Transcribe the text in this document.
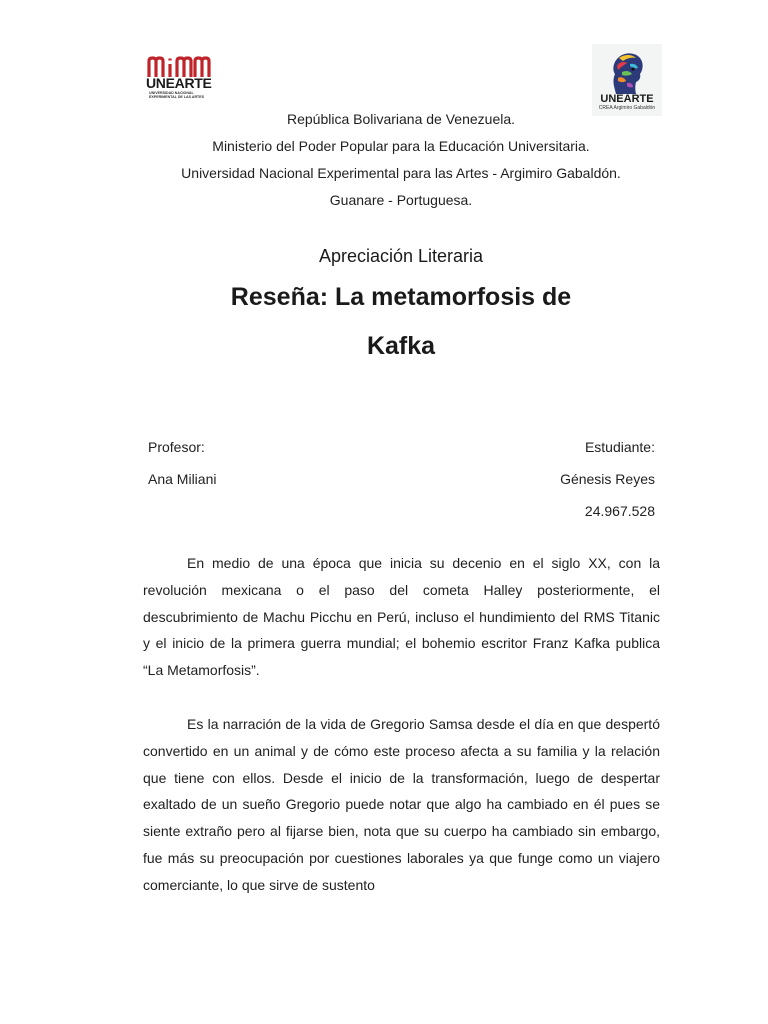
UNEARTE
UNIVERSIDAD NACIONAL EXPERIMENTAL DE LAS ARTES	UNEARTE
CREA Argimiro Gabaldón
República Bolivariana de Venezuela.
Ministerio del Poder Popular para la Educación Universitaria.
Universidad Nacional Experimental para las Artes - Argimiro Gabaldón.
Guanare - Portuguesa.
Apreciación Literaria
Reseña: La metamorfosis de
Kafka
Profesor:
Ana Miliani
Estudiante:
Génesis Reyes
24.967.528

En medio de una época que inicia su decenio en el siglo XX, con la revolución mexicana o el paso del cometa Halley posteriormente, el descubrimiento de Machu Picchu en Perú, incluso el hundimiento del RMS Titanic y el inicio de la primera guerra mundial; el bohemio escritor Franz Kafka publica “La Metamorfosis”.

Es la narración de la vida de Gregorio Samsa desde el día en que despertó convertido en un animal y de cómo este proceso afecta a su familia y la relación que tiene con ellos. Desde el inicio de la transformación, luego de despertar exaltado de un sueño Gregorio puede notar que algo ha cambiado en él pues se siente extraño pero al fijarse bien, nota que su cuerpo ha cambiado sin embargo, fue más su preocupación por cuestiones laborales ya que funge como un viajero comerciante, lo que sirve de sustento
